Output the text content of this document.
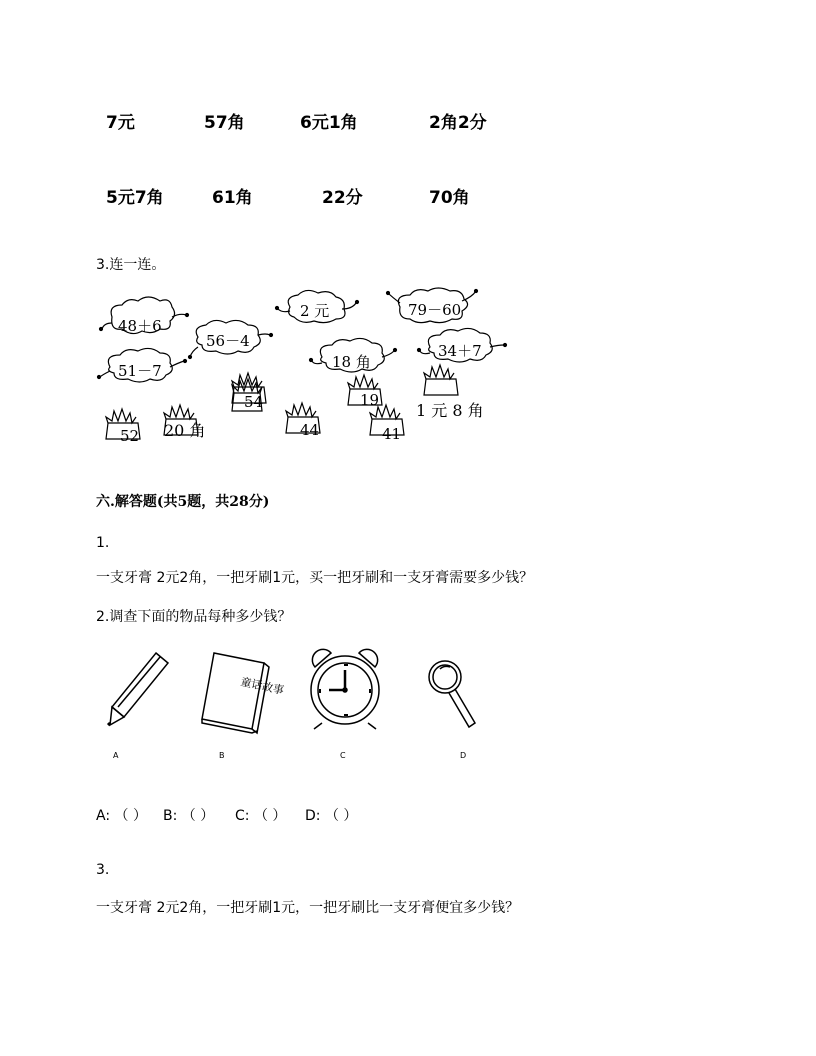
7元	57角	6元1角	2角2分
5元7角	61角	22分	70角
3.连一连。
48＋6
2 元	79－60
56－4
18 角
34＋7
51－7
54	19
52	44	41
20 角
1 元 8 角
六.解答题(共5题，共28分)
1.
一支牙膏 2元2角，一把牙刷1元，买一把牙刷和一支牙膏需要多少钱？
2.调查下面的物品每种多少钱？
童话故事
A	B	C	D
A: （ ） B: （ ） C: （ ） D: （ ）
3.
一支牙膏 2元2角，一把牙刷1元，一把牙刷比一支牙膏便宜多少钱？
